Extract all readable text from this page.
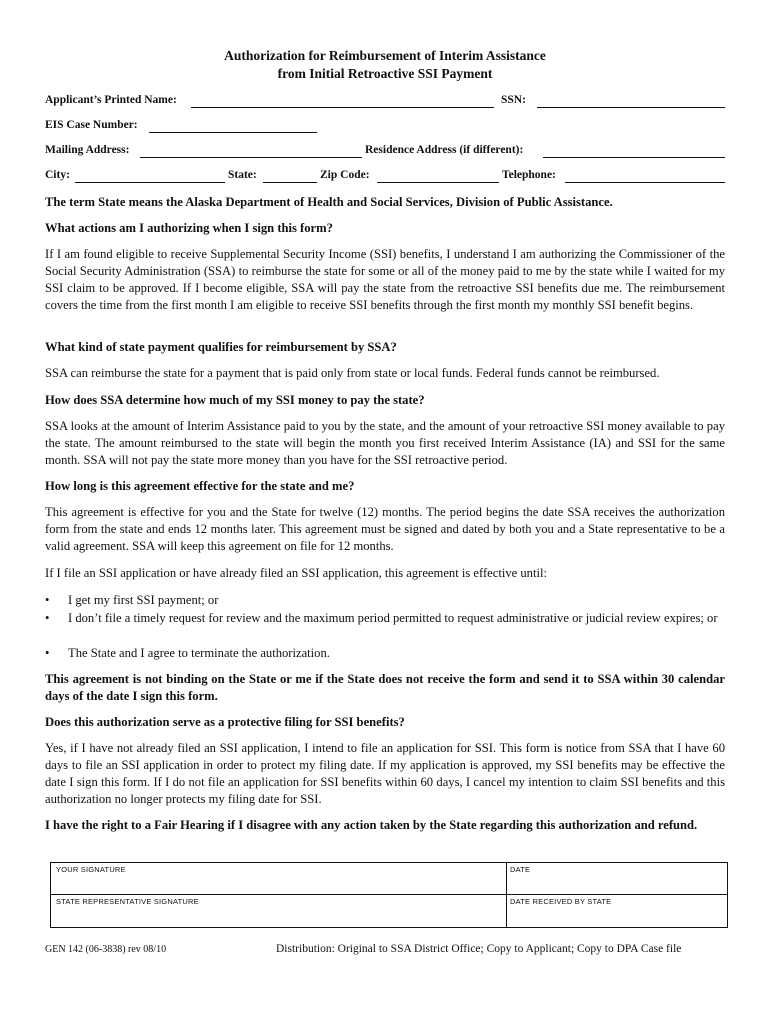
Authorization for Reimbursement of Interim Assistance
from Initial Retroactive SSI Payment
Applicant’s Printed Name:	SSN:
EIS Case Number:
Mailing Address:	Residence Address (if different):
City:	State:	Zip Code:	Telephone:
The term State means the Alaska Department of Health and Social Services, Division of Public Assistance.
What actions am I authorizing when I sign this form?
If I am found eligible to receive Supplemental Security Income (SSI) benefits, I understand I am authorizing the Commissioner of the Social Security Administration (SSA) to reimburse the state for some or all of the money paid to me by the state while I waited for my SSI claim to be approved. If I become eligible, SSA will pay the state from the retroactive SSI benefits due me. The reimbursement covers the time from the first month I am eligible to receive SSI benefits through the first month my monthly SSI benefit begins.
What kind of state payment qualifies for reimbursement by SSA?
SSA can reimburse the state for a payment that is paid only from state or local funds. Federal funds cannot be reimbursed.
How does SSA determine how much of my SSI money to pay the state?
SSA looks at the amount of Interim Assistance paid to you by the state, and the amount of your retroactive SSI money available to pay the state. The amount reimbursed to the state will begin the month you first received Interim Assistance (IA) and SSI for the same month. SSA will not pay the state more money than you have for the SSI retroactive period.
How long is this agreement effective for the state and me?
This agreement is effective for you and the State for twelve (12) months. The period begins the date SSA receives the authorization form from the state and ends 12 months later. This agreement must be signed and dated by both you and a State representative to be a valid agreement. SSA will keep this agreement on file for 12 months.
If I file an SSI application or have already filed an SSI application, this agreement is effective until:
• I get my first SSI payment; or
• I don’t file a timely request for review and the maximum period permitted to request administrative or judicial review expires; or
• The State and I agree to terminate the authorization.
This agreement is not binding on the State or me if the State does not receive the form and send it to SSA within 30 calendar days of the date I sign this form.
Does this authorization serve as a protective filing for SSI benefits?
Yes, if I have not already filed an SSI application, I intend to file an application for SSI. This form is notice from SSA that I have 60 days to file an SSI application in order to protect my filing date. If my application is approved, my SSI benefits may be effective the date I sign this form. If I do not file an application for SSI benefits within 60 days, I cancel my intention to claim SSI benefits and this authorization no longer protects my filing date for SSI.
I have the right to a Fair Hearing if I disagree with any action taken by the State regarding this authorization and refund.
YOUR SIGNATURE	DATE
STATE REPRESENTATIVE SIGNATURE	DATE RECEIVED BY STATE
GEN 142 (06-3838) rev 08/10	Distribution: Original to SSA District Office; Copy to Applicant; Copy to DPA Case file
